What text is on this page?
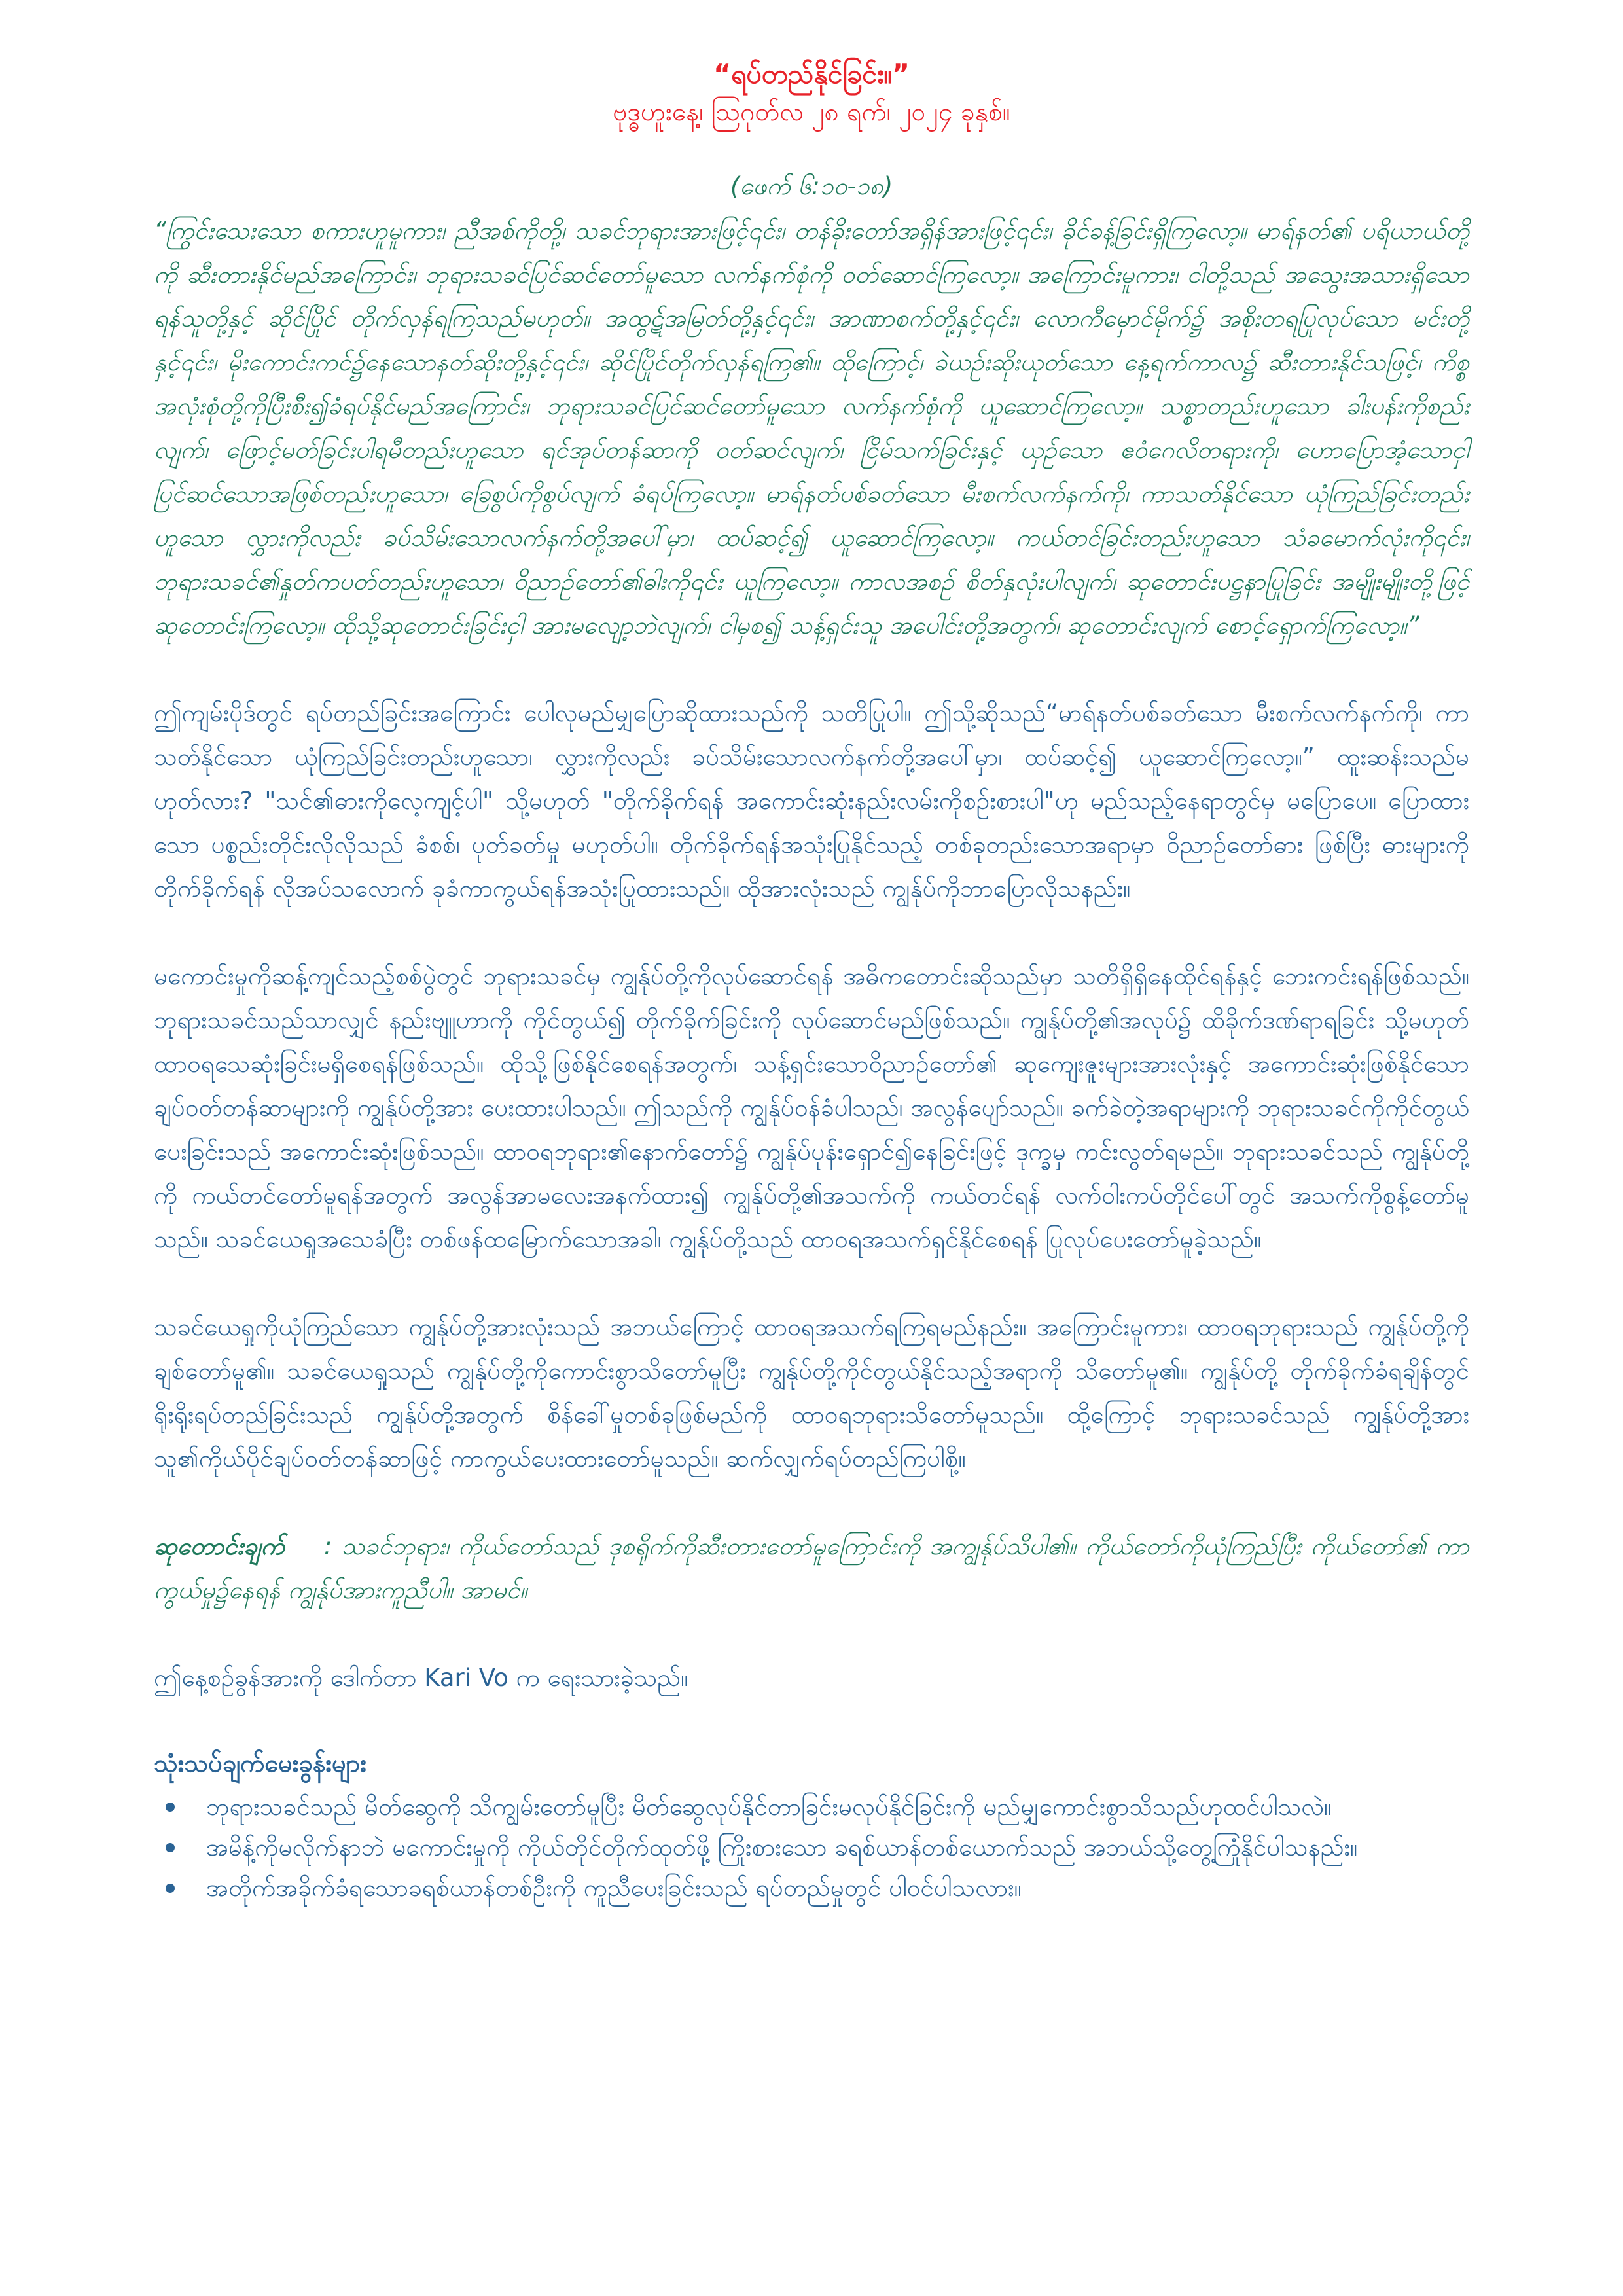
“ရပ်တည်နိုင်ခြင်း။”

ဗုဒ္ဓဟူးနေ့၊ ဩဂုတ်လ ၂၈ ရက်၊ ၂၀၂၄ ခုနှစ်။

(ဖေက် ၆:၁၀-၁၈)

“ကြွင်းသေးသော စကားဟူမူကား၊ ညီအစ်ကိုတို့၊ သခင်ဘုရားအားဖြင့်၎င်း၊ တန်ခိုးတော်အရှိန်အားဖြင့်၎င်း၊ ခိုင်ခန့်ခြင်းရှိကြလော့။ မာရ်နတ်၏ ပရိယာယ်တို့ကို ဆီးတားနိုင်မည်အကြောင်း၊ ဘုရားသခင်ပြင်ဆင်တော်မူသော လက်နက်စုံကို ဝတ်ဆောင်ကြလော့။ အကြောင်းမူကား၊ ငါတို့သည် အသွေးအသားရှိသောရန်သူတို့နှင့် ဆိုင်ပြိုင် တိုက်လှန်ရကြသည်မဟုတ်။ အထွဋ်အမြတ်တို့နှင့်၎င်း၊ အာဏာစက်တို့နှင့်၎င်း၊ လောကီမှောင်မိုက်၌ အစိုးတရပြုလုပ်သော မင်းတို့နှင့်၎င်း၊ မိုးကောင်းကင်၌နေသောနတ်ဆိုးတို့နှင့်၎င်း၊ ဆိုင်ပြိုင်တိုက်လှန်ရကြ၏။ ထိုကြောင့်၊ ခဲယဉ်းဆိုးယုတ်သော နေ့ရက်ကာလ၌ ဆီးတားနိုင်သဖြင့်၊ ကိစ္စအလုံးစုံတို့ကိုပြီးစီး၍ခံရပ်နိုင်မည်အကြောင်း၊ ဘုရားသခင်ပြင်ဆင်တော်မူသော လက်နက်စုံကို ယူဆောင်ကြလော့။ သစ္စာတည်းဟူသော ခါးပန်းကိုစည်းလျက်၊ ဖြောင့်မတ်ခြင်းပါရမီတည်းဟူသော ရင်အုပ်တန်ဆာကို ဝတ်ဆင်လျက်၊ ငြိမ်သက်ခြင်းနှင့် ယှဉ်သော ဧဝံဂေလိတရားကို၊ ဟောပြောအံ့သောငှါ ပြင်ဆင်သောအဖြစ်တည်းဟူသော၊ ခြေစွပ်ကိုစွပ်လျက် ခံရပ်ကြလော့။ မာရ်နတ်ပစ်ခတ်သော မီးစက်လက်နက်ကို၊ ကာသတ်နိုင်သော ယုံကြည်ခြင်းတည်းဟူသော လွှားကိုလည်း ခပ်သိမ်းသောလက်နက်တို့အပေါ်မှာ၊ ထပ်ဆင့်၍ ယူဆောင်ကြလော့။ ကယ်တင်ခြင်းတည်းဟူသော သံခမောက်လုံးကို၎င်း၊ ဘုရားသခင်၏နှုတ်ကပတ်တည်းဟူသော၊ ဝိညာဉ်တော်၏ဓါးကို၎င်း ယူကြလော့။ ကာလအစဉ် စိတ်နှလုံးပါလျက်၊ ဆုတောင်းပဋ္ဌနာပြုခြင်း အမျိုးမျိုးတို့ဖြင့် ဆုတောင်းကြလော့။ ထိုသို့ဆုတောင်းခြင်းငှါ အားမလျော့ဘဲလျက်၊ ငါမှစ၍ သန့်ရှင်းသူ အပေါင်းတို့အတွက်၊ ဆုတောင်းလျက် စောင့်ရှောက်ကြလော့။”

ဤကျမ်းပိုဒ်တွင် ရပ်တည်ခြင်းအကြောင်း ပေါလုမည်မျှပြောဆိုထားသည်ကို သတိပြုပါ။ ဤသို့ဆိုသည်“မာရ်နတ်ပစ်ခတ်သော မီးစက်လက်နက်ကို၊ ကာသတ်နိုင်သော ယုံကြည်ခြင်းတည်းဟူသော၊ လွှားကိုလည်း ခပ်သိမ်းသောလက်နက်တို့အပေါ်မှာ၊ ထပ်ဆင့်၍ ယူဆောင်ကြလော့။” ထူးဆန်းသည်မဟုတ်လား? "သင်၏ဓားကိုလေ့ကျင့်ပါ" သို့မဟုတ် "တိုက်ခိုက်ရန် အကောင်းဆုံးနည်းလမ်းကိုစဉ်းစားပါ"ဟု မည်သည့်နေရာတွင်မှ မပြောပေ။ ပြောထားသော ပစ္စည်းတိုင်းလိုလိုသည် ခံစစ်၊ ပုတ်ခတ်မှု မဟုတ်ပါ။ တိုက်ခိုက်ရန်အသုံးပြုနိုင်သည့် တစ်ခုတည်းသောအရာမှာ ဝိညာဉ်တော်ဓား ဖြစ်ပြီး ဓားများကို တိုက်ခိုက်ရန် လိုအပ်သလောက် ခုခံကာကွယ်ရန်အသုံးပြုထားသည်။ ထိုအားလုံးသည် ကျွန်ုပ်ကိုဘာပြောလိုသနည်း။

မကောင်းမှုကိုဆန့်ကျင်သည့်စစ်ပွဲတွင် ဘုရားသခင်မှ ကျွန်ုပ်တို့ကိုလုပ်ဆောင်ရန် အဓိကတောင်းဆိုသည်မှာ သတိရှိရှိနေထိုင်ရန်နှင့် ဘေးကင်းရန်ဖြစ်သည်။ ဘုရားသခင်သည်သာလျှင် နည်းဗျူဟာကို ကိုင်တွယ်၍ တိုက်ခိုက်ခြင်းကို လုပ်ဆောင်မည်ဖြစ်သည်။ ကျွန်ုပ်တို့၏အလုပ်၌ ထိခိုက်ဒဏ်ရာရခြင်း သို့မဟုတ် ထာဝရသေဆုံးခြင်းမရှိစေရန်ဖြစ်သည်။ ထိုသို့ဖြစ်နိုင်စေရန်အတွက်၊ သန့်ရှင်းသောဝိညာဉ်တော်၏ ဆုကျေးဇူးများအားလုံးနှင့် အကောင်းဆုံးဖြစ်နိုင်သောချပ်ဝတ်တန်ဆာများကို ကျွန်ုပ်တို့အား ပေးထားပါသည်။ ဤသည်ကို ကျွန်ုပ်ဝန်ခံပါသည်၊ အလွန်ပျော်သည်။ ခက်ခဲတဲ့အရာများကို ဘုရားသခင်ကိုကိုင်တွယ်ပေးခြင်းသည် အကောင်းဆုံးဖြစ်သည်။ ထာဝရဘုရား၏နောက်တော်၌ ကျွန်ုပ်ပုန်းရှောင်၍နေခြင်းဖြင့် ဒုက္ခမှ ကင်းလွတ်ရမည်။ ဘုရားသခင်သည် ကျွန်ုပ်တို့ကို ကယ်တင်တော်မူရန်အတွက် အလွန်အာမလေးအနက်ထား၍ ကျွန်ုပ်တို့၏အသက်ကို ကယ်တင်ရန် လက်ဝါးကပ်တိုင်ပေါ်တွင် အသက်ကိုစွန့်တော်မူသည်။ သခင်ယေရှုအသေခံပြီး တစ်ဖန်ထမြောက်သောအခါ၊ ကျွန်ုပ်တို့သည် ထာဝရအသက်ရှင်နိုင်စေရန် ပြုလုပ်ပေးတော်မူခဲ့သည်။

သခင်ယေရှုကိုယုံကြည်သော ကျွန်ုပ်တို့အားလုံးသည် အဘယ်ကြောင့် ထာဝရအသက်ရကြရမည်နည်း။ အကြောင်းမူကား၊ ထာဝရဘုရားသည် ကျွန်ုပ်တို့ကို ချစ်တော်မူ၏။ သခင်ယေရှုသည် ကျွန်ုပ်တို့ကိုကောင်းစွာသိတော်မူပြီး ကျွန်ုပ်တို့ကိုင်တွယ်နိုင်သည့်အရာကို သိတော်မူ၏။ ကျွန်ုပ်တို့ တိုက်ခိုက်ခံရချိန်တွင် ရိုးရိုးရပ်တည်ခြင်းသည် ကျွန်ုပ်တို့အတွက် စိန်ခေါ်မှုတစ်ခုဖြစ်မည်ကို ထာဝရဘုရားသိတော်မူသည်။ ထို့ကြောင့် ဘုရားသခင်သည် ကျွန်ုပ်တို့အားသူ၏ကိုယ်ပိုင်ချပ်ဝတ်တန်ဆာဖြင့် ကာကွယ်ပေးထားတော်မူသည်။ ဆက်လျှက်ရပ်တည်ကြပါစို့။

ဆုတောင်းချက် : သခင်ဘုရား၊ ကိုယ်တော်သည် ဒုစရိုက်ကိုဆီးတားတော်မူကြောင်းကို အကျွန်ုပ်သိပါ၏။ ကိုယ်တော်ကိုယုံကြည်ပြီး ကိုယ်တော်၏ ကာကွယ်မှု၌နေရန် ကျွန်ုပ်အားကူညီပါ။ အာမင်။

ဤနေ့စဉ်ခွန်အားကို ဒေါက်တာ Kari Vo က ရေးသားခဲ့သည်။

သုံးသပ်ချက်မေးခွန်းများ
ဘုရားသခင်သည် မိတ်ဆွေကို သိကျွမ်းတော်မူပြီး မိတ်ဆွေလုပ်နိုင်တာခြင်းမလုပ်နိုင်ခြင်းကို မည်မျှကောင်းစွာသိသည်ဟုထင်ပါသလဲ။
အမိန့်ကိုမလိုက်နာဘဲ မကောင်းမှုကို ကိုယ်တိုင်တိုက်ထုတ်ဖို့ ကြိုးစားသော ခရစ်ယာန်တစ်ယောက်သည် အဘယ်သို့တွေ့ကြုံနိုင်ပါသနည်း။
အတိုက်အခိုက်ခံရသောခရစ်ယာန်တစ်ဦးကို ကူညီပေးခြင်းသည် ရပ်တည်မှုတွင် ပါဝင်ပါသလား။
